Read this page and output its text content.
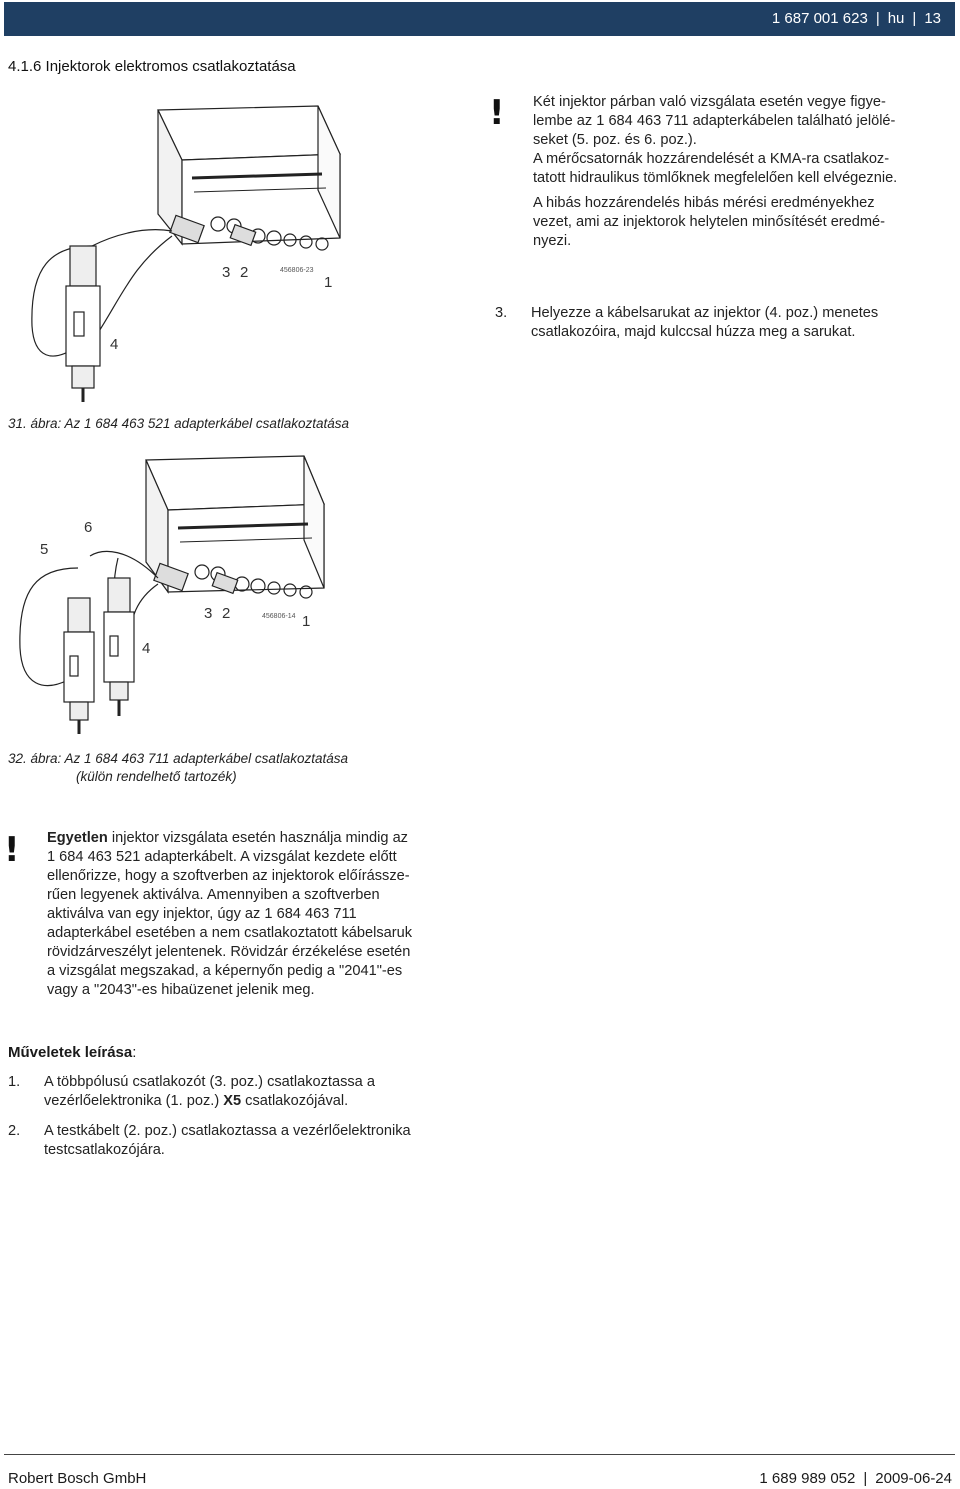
1 687 001 623 | hu | 13
4.1.6 Injektorok elektromos csatlakoztatása
3 2
1
4
456806-23
31. ábra: Az 1 684 463 521 adapterkábel csatlakoztatása
! Két injektor párban való vizsgálata esetén vegye figye-

lembe az 1 684 463 711 adapterkábelen található jelölé-

seket (5. poz. és 6. poz.).

A mérőcsatornák hozzárendelését a KMA-ra csatlakoz-

tatott hidraulikus tömlőknek megfelelően kell elvégeznie.

A hibás hozzárendelés hibás mérési eredményekhez

vezet, ami az injektorok helytelen minősítését eredmé-

nyezi.

3. Helyezze a kábelsarukat az injektor (4. poz.) menetes

csatlakozóira, majd kulccsal húzza meg a sarukat.

5
6
3 2	1
4
456806-14
32. ábra: Az 1 684 463 711 adapterkábel csatlakoztatása
(külön rendelhető tartozék)
! Egyetlen injektor vizsgálata esetén használja mindig az

1 684 463 521 adapterkábelt. A vizsgálat kezdete előtt

ellenőrizze, hogy a szoftverben az injektorok előírássze-

rűen legyenek aktiválva. Amennyiben a szoftverben

aktiválva van egy injektor, úgy az 1 684 463 711

adapterkábel esetében a nem csatlakoztatott kábelsaruk

rövidzárveszélyt jelentenek. Rövidzár érzékelése esetén

a vizsgálat megszakad, a képernyőn pedig a "2041"-es

vagy a "2043"-es hibaüzenet jelenik meg.

Műveletek leírása:
1. A többpólusú csatlakozót (3. poz.) csatlakoztassa a

vezérlőelektronika (1. poz.) X5 csatlakozójával.

2. A testkábelt (2. poz.) csatlakoztassa a vezérlőelektronika

testcsatlakozójára.

Robert Bosch GmbH	1 689 989 052 | 2009-06-24
